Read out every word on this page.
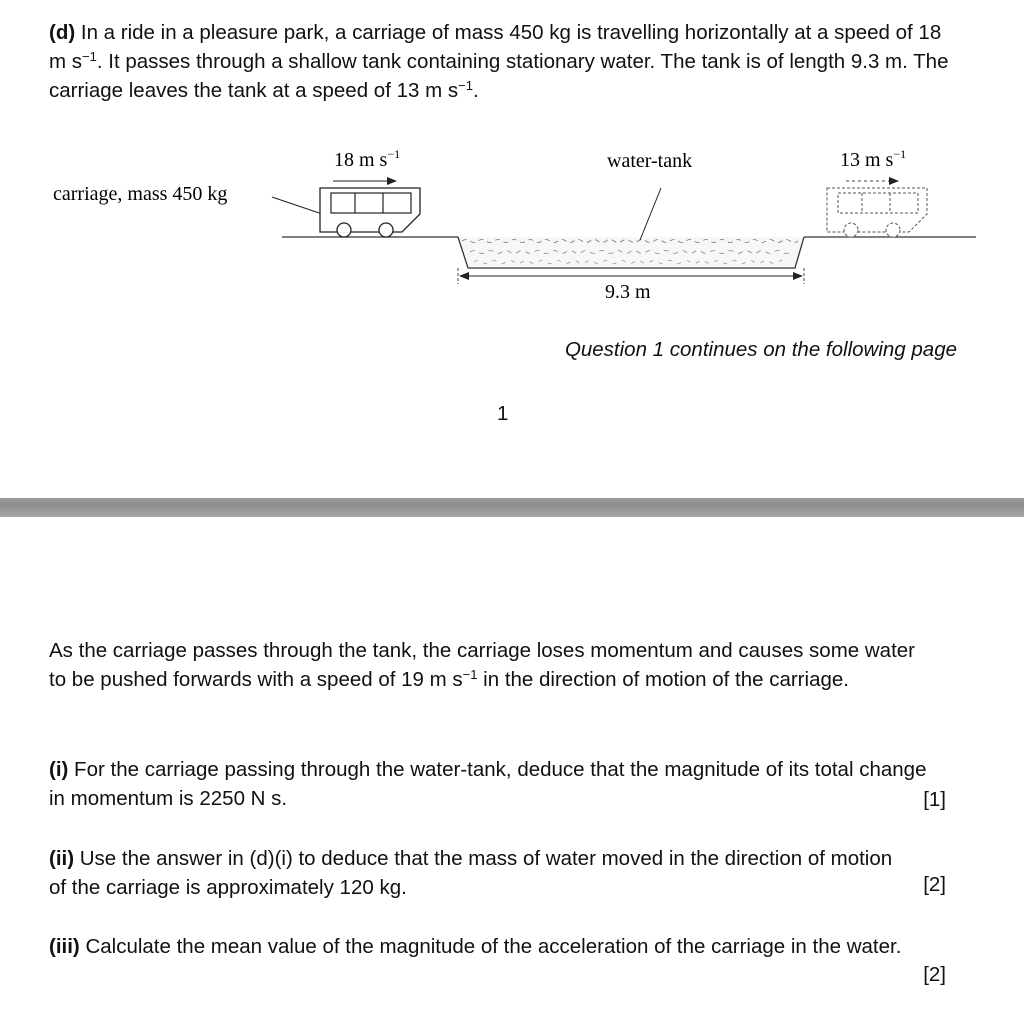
(d) In a ride in a pleasure park, a carriage of mass 450 kg is travelling horizontally at a speed of 18 m $s^{-1}$. It passes through a shallow tank containing stationary water. The tank is of length 9.3 m. The carriage leaves the tank at a speed of 13 m $s^{-1}$.

carriage, mass 450 kg
18 m $s^{-1}$	water-tank	13 m $s^{-1}$
9.3 m
Question 1 continues on the following page
1

As the carriage passes through the tank, the carriage loses momentum and causes some water to be pushed forwards with a speed of 19 m $s^{-1}$ in the direction of motion of the carriage.

(i) For the carriage passing through the water-tank, deduce that the magnitude of its total change in momentum is 2250 N s.	[1]

(ii) Use the answer in (d)(i) to deduce that the mass of water moved in the direction of motion of the carriage is approximately 120 kg.	[2]

(iii) Calculate the mean value of the magnitude of the acceleration of the carriage in the water.

[2]
